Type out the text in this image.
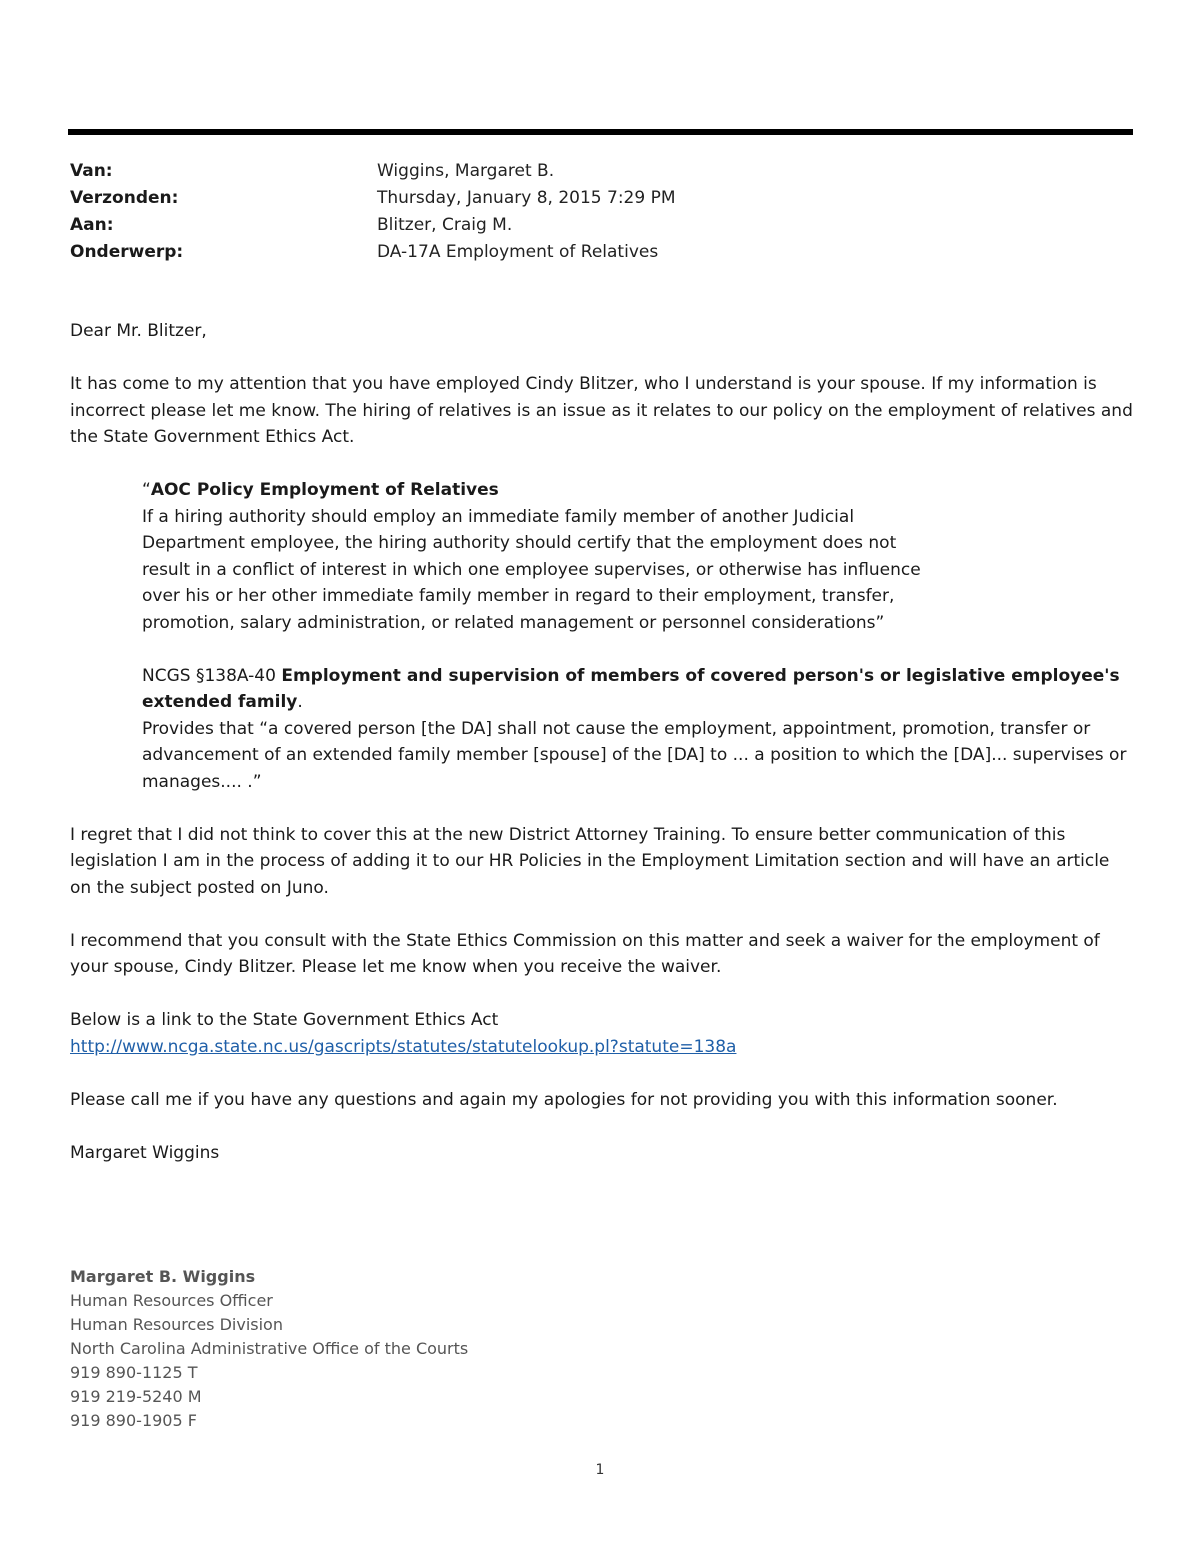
Van:	Wiggins, Margaret B.
Verzonden:	Thursday, January 8, 2015 7:29 PM
Aan:	Blitzer, Craig M.
Onderwerp:	DA-17A Employment of Relatives

Dear Mr. Blitzer,

It has come to my attention that you have employed Cindy Blitzer, who I understand is your spouse. If my information is incorrect please let me know. The hiring of relatives is an issue as it relates to our policy on the employment of relatives and the State Government Ethics Act.

“AOC Policy Employment of Relatives

If a hiring authority should employ an immediate family member of another Judicial Department employee, the hiring authority should certify that the employment does not result in a conflict of interest in which one employee supervises, or otherwise has influence over his or her other immediate family member in regard to their employment, transfer, promotion, salary administration, or related management or personnel considerations”

NCGS §138A-40 Employment and supervision of members of covered person's or legislative employee's extended family.

Provides that “a covered person [the DA] shall not cause the employment, appointment, promotion, transfer or advancement of an extended family member [spouse] of the [DA] to ... a position to which the [DA]... supervises or manages.... .”

I regret that I did not think to cover this at the new District Attorney Training. To ensure better communication of this legislation I am in the process of adding it to our HR Policies in the Employment Limitation section and will have an article on the subject posted on Juno.

I recommend that you consult with the State Ethics Commission on this matter and seek a waiver for the employment of your spouse, Cindy Blitzer. Please let me know when you receive the waiver.

Below is a link to the State Government Ethics Act

http://www.ncga.state.nc.us/gascripts/statutes/statutelookup.pl?statute=138a

Please call me if you have any questions and again my apologies for not providing you with this information sooner.

Margaret Wiggins

Margaret B. Wiggins
Human Resources Officer
Human Resources Division
North Carolina Administrative Office of the Courts
919 890-1125 T
919 219-5240 M
919 890-1905 F
1
